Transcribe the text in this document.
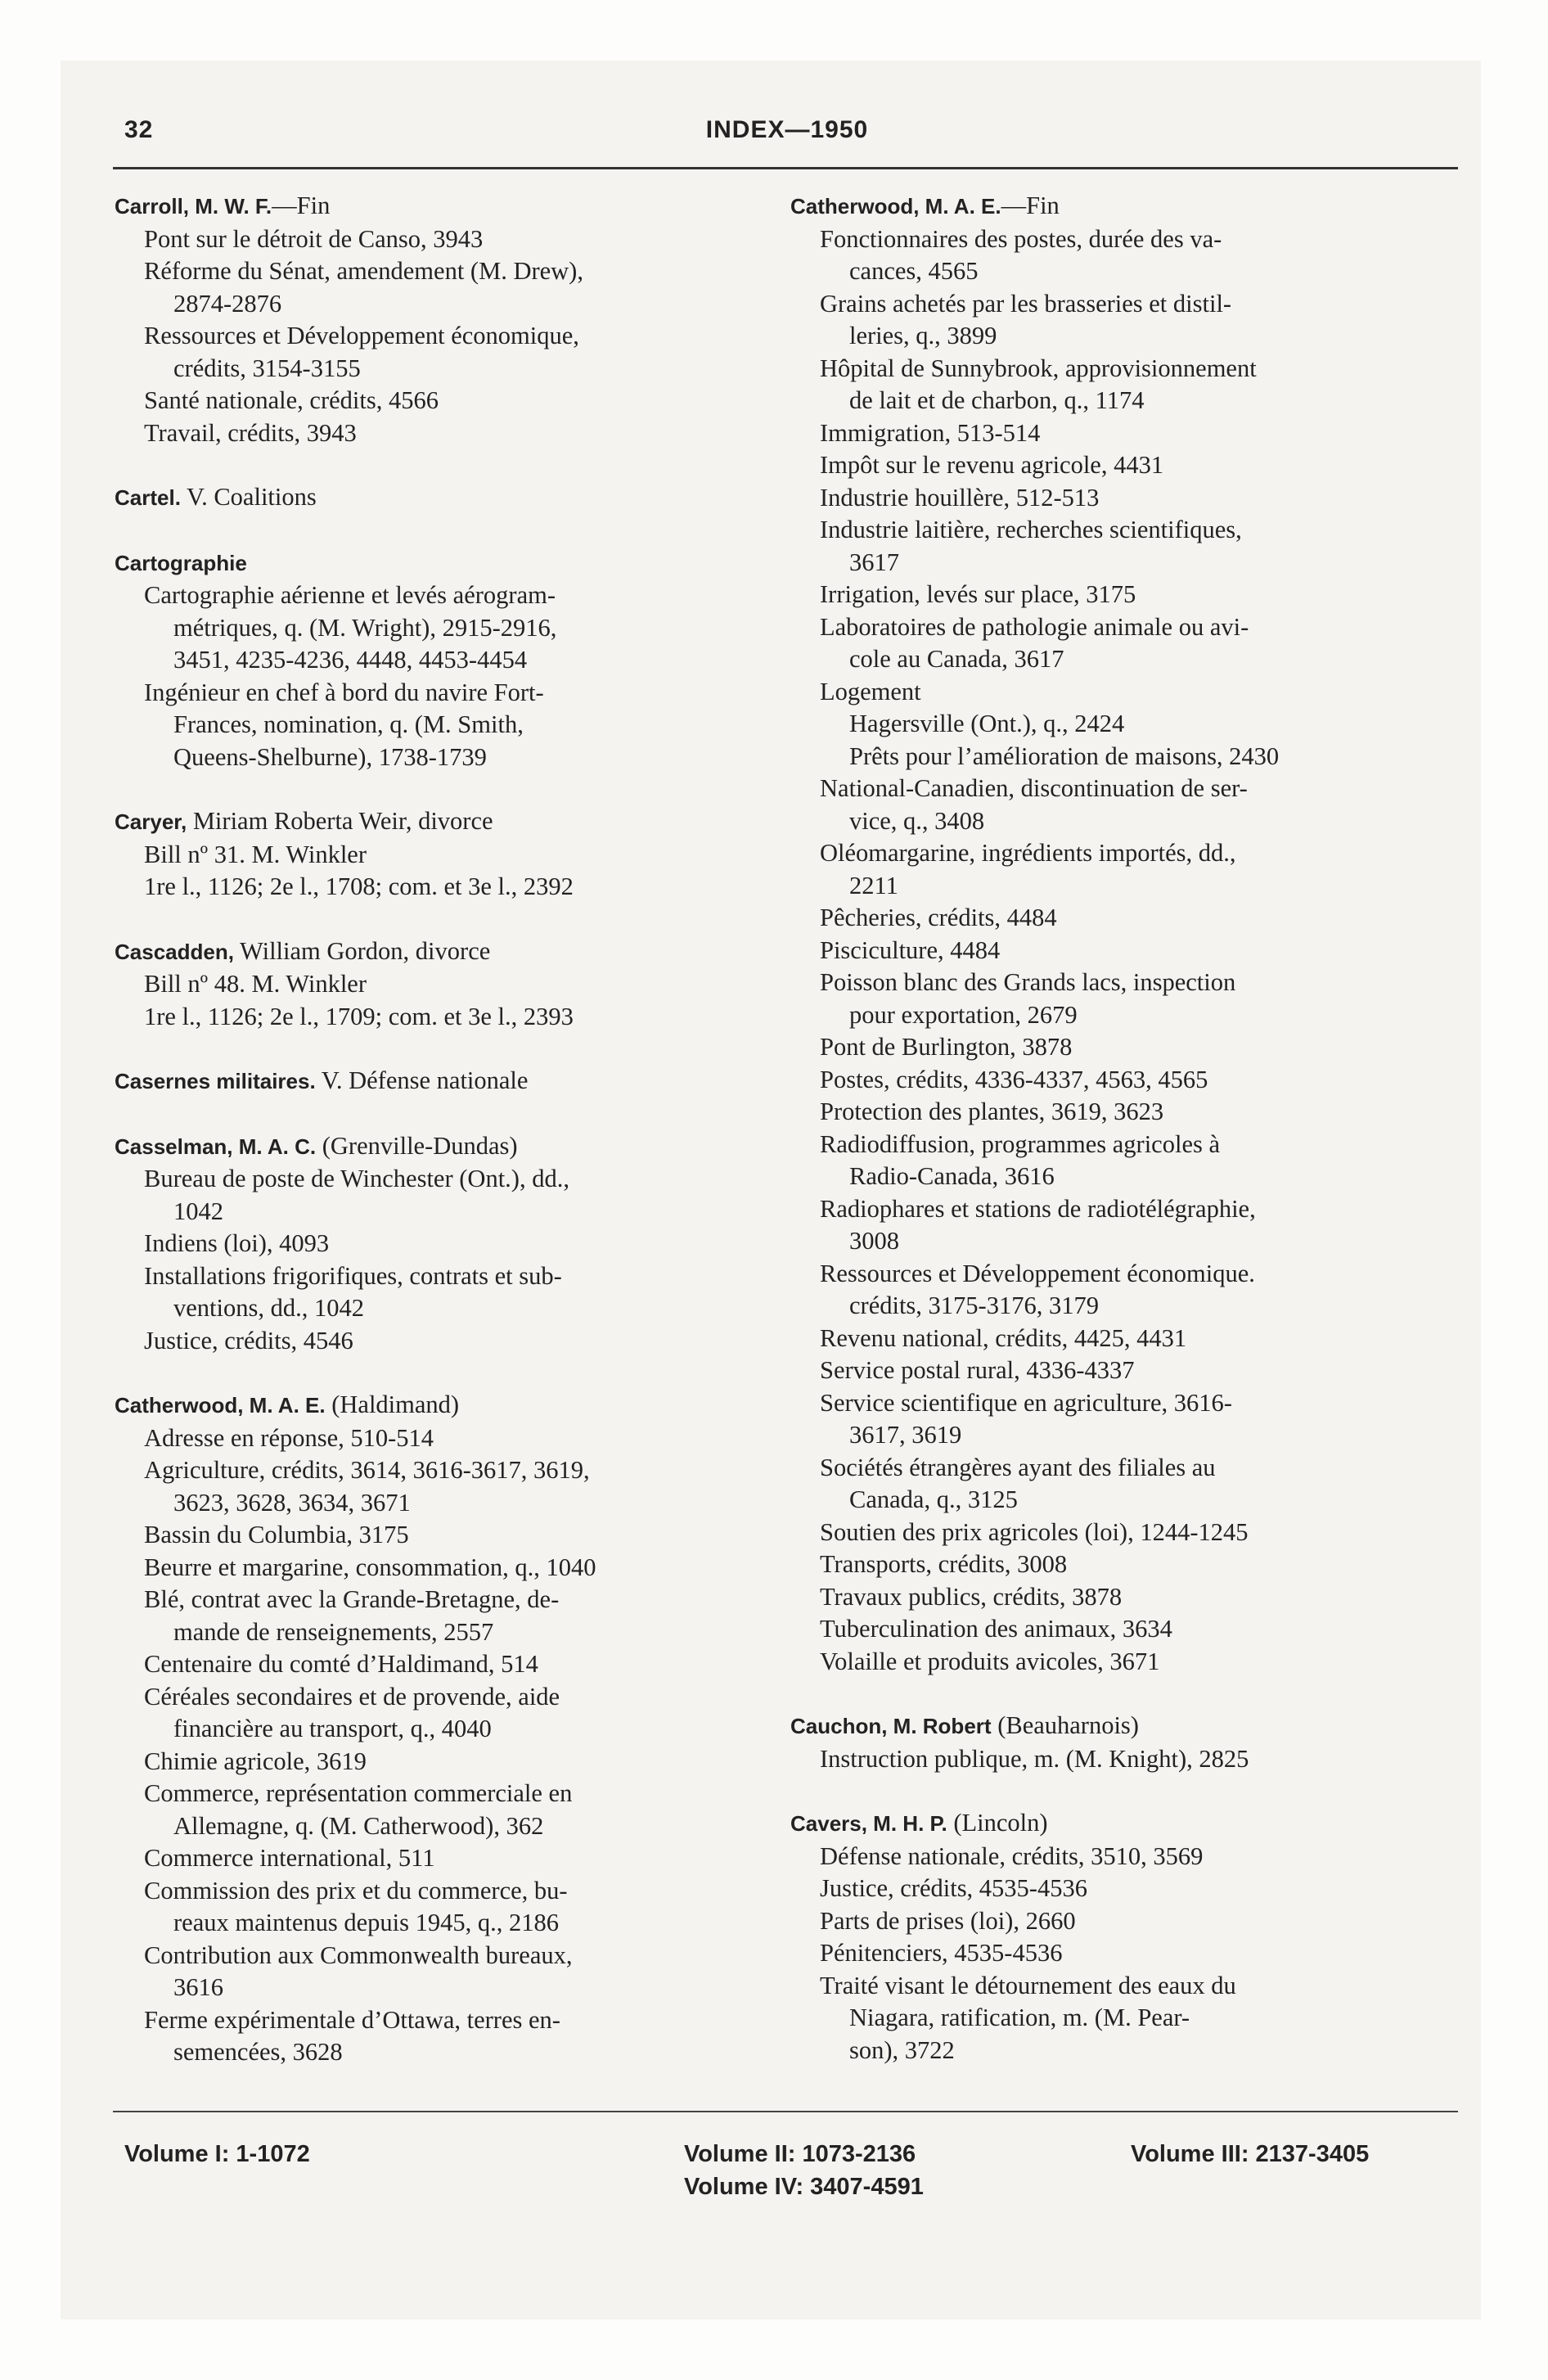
32	INDEX—1950
Carroll, M. W. F.—Fin
Pont sur le détroit de Canso, 3943
Réforme du Sénat, amendement (M. Drew),
2874-2876
Ressources et Développement économique,
crédits, 3154-3155
Santé nationale, crédits, 4566
Travail, crédits, 3943
Cartel. V. Coalitions
Cartographie
Cartographie aérienne et levés aérogram-
métriques, q. (M. Wright), 2915-2916,
3451, 4235-4236, 4448, 4453-4454
Ingénieur en chef à bord du navire Fort-
Frances, nomination, q. (M. Smith,
Queens-Shelburne), 1738-1739
Caryer, Miriam Roberta Weir, divorce
Bill nº 31. M. Winkler
1re l., 1126; 2e l., 1708; com. et 3e l., 2392
Cascadden, William Gordon, divorce
Bill nº 48. M. Winkler
1re l., 1126; 2e l., 1709; com. et 3e l., 2393
Casernes militaires. V. Défense nationale
Casselman, M. A. C. (Grenville-Dundas)
Bureau de poste de Winchester (Ont.), dd.,
1042
Indiens (loi), 4093
Installations frigorifiques, contrats et sub-
ventions, dd., 1042
Justice, crédits, 4546
Catherwood, M. A. E. (Haldimand)
Adresse en réponse, 510-514
Agriculture, crédits, 3614, 3616-3617, 3619,
3623, 3628, 3634, 3671
Bassin du Columbia, 3175
Beurre et margarine, consommation, q., 1040
Blé, contrat avec la Grande-Bretagne, de-
mande de renseignements, 2557
Centenaire du comté d’Haldimand, 514
Céréales secondaires et de provende, aide
financière au transport, q., 4040
Chimie agricole, 3619
Commerce, représentation commerciale en
Allemagne, q. (M. Catherwood), 362
Commerce international, 511
Commission des prix et du commerce, bu-
reaux maintenus depuis 1945, q., 2186
Contribution aux Commonwealth bureaux,
3616
Ferme expérimentale d’Ottawa, terres en-
semencées, 3628
Catherwood, M. A. E.—Fin
Fonctionnaires des postes, durée des va-
cances, 4565
Grains achetés par les brasseries et distil-
leries, q., 3899
Hôpital de Sunnybrook, approvisionnement
de lait et de charbon, q., 1174
Immigration, 513-514
Impôt sur le revenu agricole, 4431
Industrie houillère, 512-513
Industrie laitière, recherches scientifiques,
3617
Irrigation, levés sur place, 3175
Laboratoires de pathologie animale ou avi-
cole au Canada, 3617
Logement
Hagersville (Ont.), q., 2424
Prêts pour l’amélioration de maisons, 2430
National-Canadien, discontinuation de ser-
vice, q., 3408
Oléomargarine, ingrédients importés, dd.,
2211
Pêcheries, crédits, 4484
Pisciculture, 4484
Poisson blanc des Grands lacs, inspection
pour exportation, 2679
Pont de Burlington, 3878
Postes, crédits, 4336-4337, 4563, 4565
Protection des plantes, 3619, 3623
Radiodiffusion, programmes agricoles à
Radio-Canada, 3616
Radiophares et stations de radiotélégraphie,
3008
Ressources et Développement économique.
crédits, 3175-3176, 3179
Revenu national, crédits, 4425, 4431
Service postal rural, 4336-4337
Service scientifique en agriculture, 3616-
3617, 3619
Sociétés étrangères ayant des filiales au
Canada, q., 3125
Soutien des prix agricoles (loi), 1244-1245
Transports, crédits, 3008
Travaux publics, crédits, 3878
Tuberculination des animaux, 3634
Volaille et produits avicoles, 3671
Cauchon, M. Robert (Beauharnois)
Instruction publique, m. (M. Knight), 2825
Cavers, M. H. P. (Lincoln)
Défense nationale, crédits, 3510, 3569
Justice, crédits, 4535-4536
Parts de prises (loi), 2660
Pénitenciers, 4535-4536
Traité visant le détournement des eaux du
Niagara, ratification, m. (M. Pear-
son), 3722
Volume I: 1-1072	Volume II: 1073-2136
Volume IV: 3407-4591
Volume III: 2137-3405
